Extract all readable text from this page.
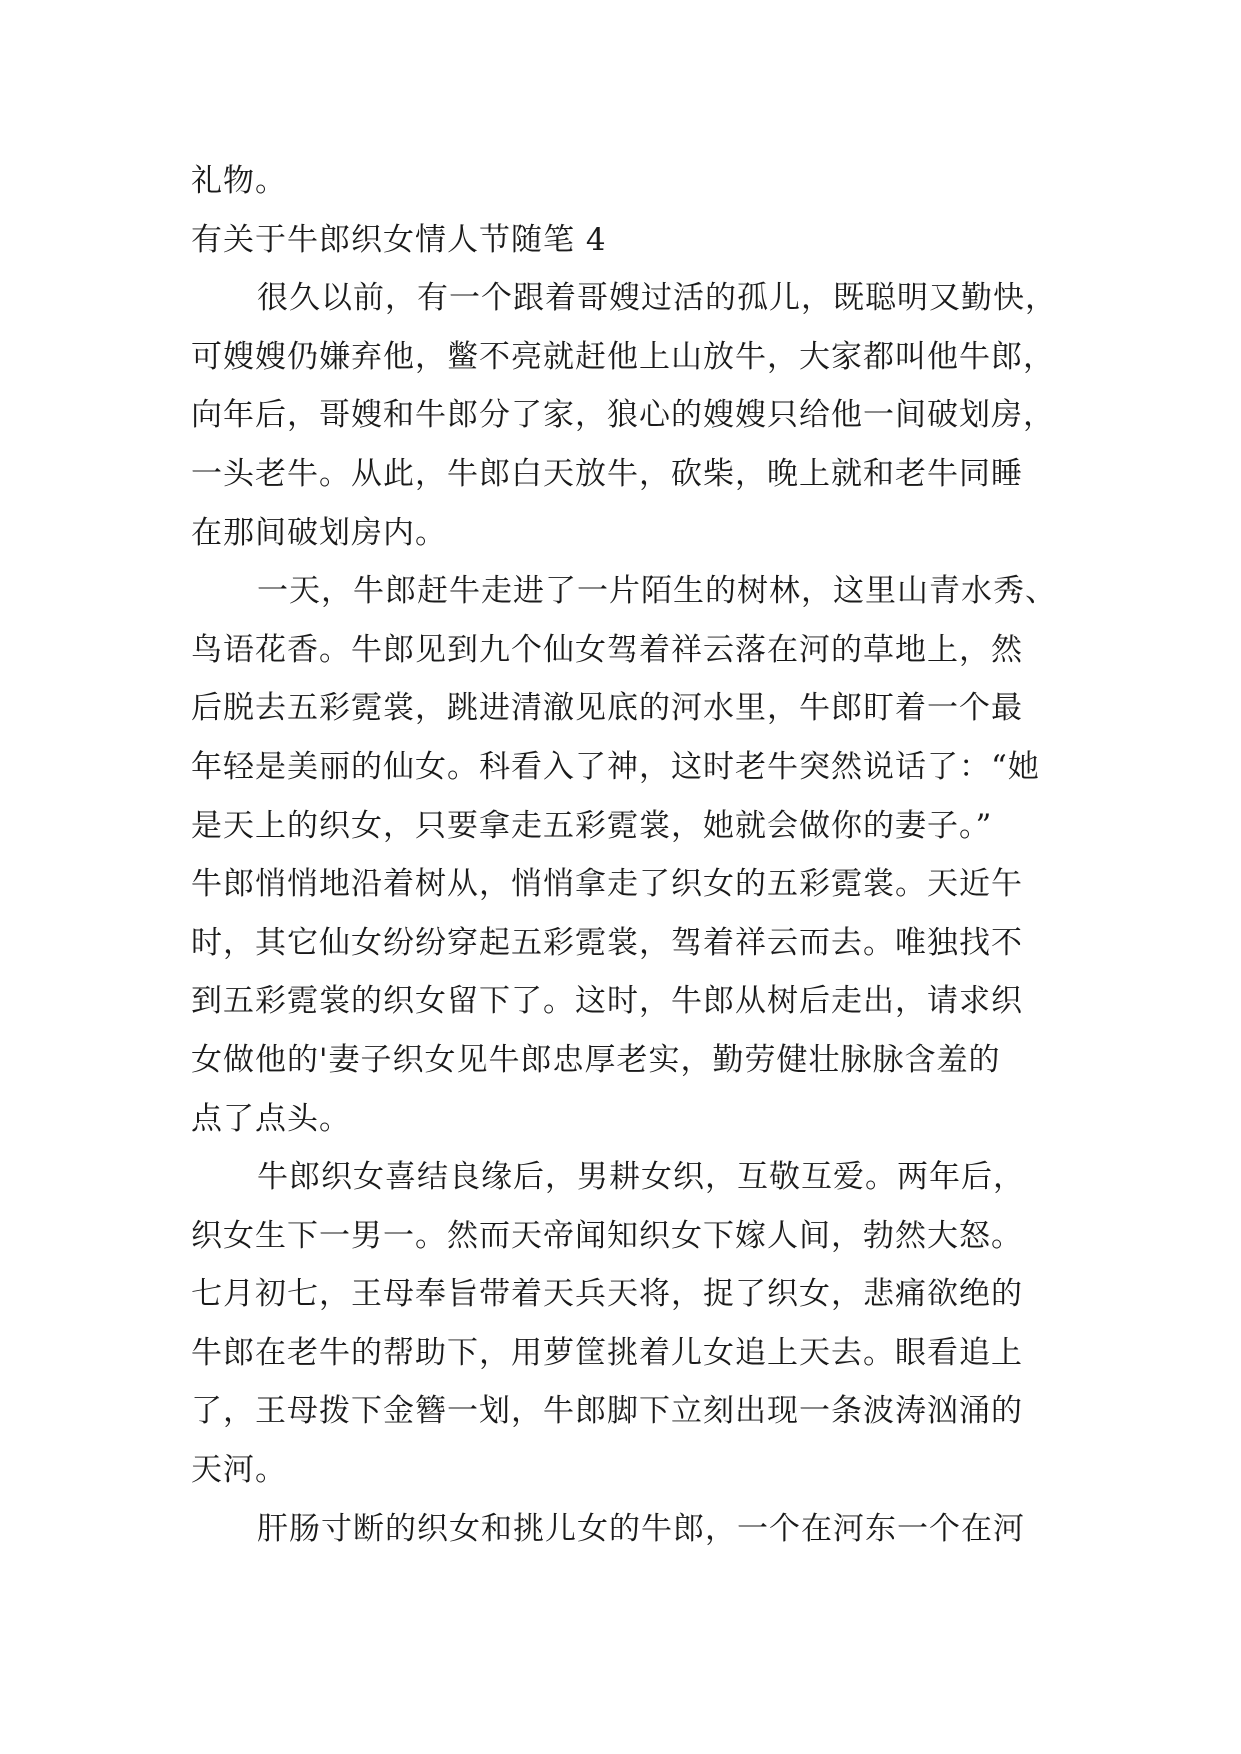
礼物。
有关于牛郎织女情人节随笔 4
很久以前，有一个跟着哥嫂过活的孤儿，既聪明又勤快，
可嫂嫂仍嫌弃他，鳖不亮就赶他上山放牛，大家都叫他牛郎，
向年后，哥嫂和牛郎分了家，狼心的嫂嫂只给他一间破划房，
一头老牛。从此，牛郎白天放牛，砍柴，晚上就和老牛同睡
在那间破划房内。
一天，牛郎赶牛走进了一片陌生的树林，这里山青水秀、
鸟语花香。牛郎见到九个仙女驾着祥云落在河的草地上，然
后脱去五彩霓裳，跳进清澈见底的河水里，牛郎盯着一个最
年轻是美丽的仙女。科看入了神，这时老牛突然说话了：“她
是天上的织女，只要拿走五彩霓裳，她就会做你的妻子。”
牛郎悄悄地沿着树从，悄悄拿走了织女的五彩霓裳。天近午
时，其它仙女纷纷穿起五彩霓裳，驾着祥云而去。唯独找不
到五彩霓裳的织女留下了。这时，牛郎从树后走出，请求织
女做他的'妻子织女见牛郎忠厚老实，勤劳健壮脉脉含羞的
点了点头。
牛郎织女喜结良缘后，男耕女织，互敬互爱。两年后，
织女生下一男一。然而天帝闻知织女下嫁人间，勃然大怒。
七月初七，王母奉旨带着天兵天将，捉了织女，悲痛欲绝的
牛郎在老牛的帮助下，用萝筐挑着儿女追上天去。眼看追上
了，王母拨下金簪一划，牛郎脚下立刻出现一条波涛汹涌的
天河。
肝肠寸断的织女和挑儿女的牛郎，一个在河东一个在河
